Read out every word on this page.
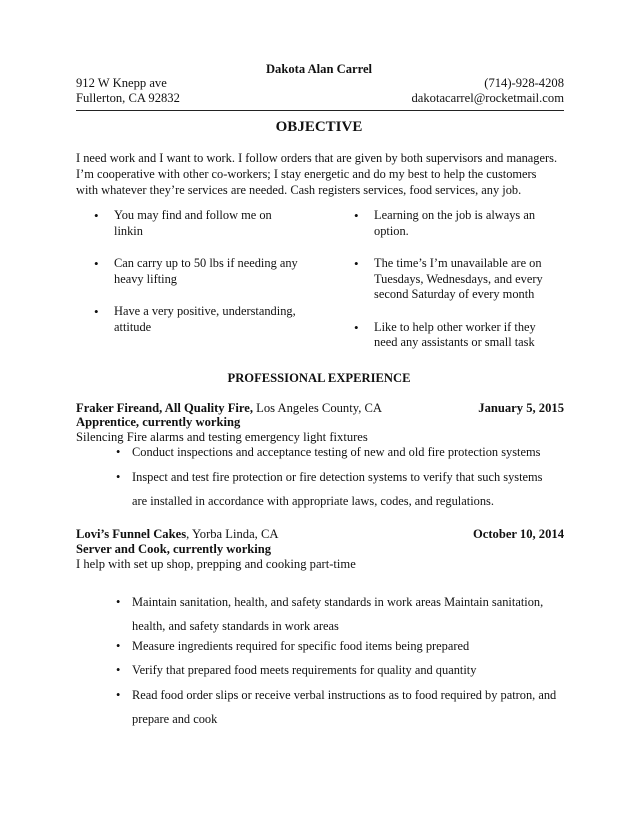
Dakota Alan Carrel
912 W Knepp ave
Fullerton, CA 92832
(714)-928-4208
dakotacarrel@rocketmail.com
OBJECTIVE
I need work and I want to work. I follow orders that are given by both supervisors and managers.
I’m cooperative with other co-workers; I stay energetic and do my best to help the customers
with whatever they’re services are needed. Cash registers services, food services, any job.
• You may find and follow me on
linkin
• Can carry up to 50 lbs if needing any
heavy lifting
• Have a very positive, understanding,
attitude
• Learning on the job is always an
option.
• The time’s I’m unavailable are on
Tuesdays, Wednesdays, and every
second Saturday of every month
• Like to help other worker if they
need any assistants or small task
PROFESSIONAL EXPERIENCE
Fraker Fireand, All Quality Fire, Los Angeles County, CA	January 5, 2015
Apprentice, currently working
Silencing Fire alarms and testing emergency light fixtures
• Conduct inspections and acceptance testing of new and old fire protection systems
• Inspect and test fire protection or fire detection systems to verify that such systems
are installed in accordance with appropriate laws, codes, and regulations.
Lovi’s Funnel Cakes, Yorba Linda, CA	October 10, 2014
Server and Cook, currently working
I help with set up shop, prepping and cooking part-time
• Maintain sanitation, health, and safety standards in work areas Maintain sanitation,
health, and safety standards in work areas
• Measure ingredients required for specific food items being prepared
• Verify that prepared food meets requirements for quality and quantity
• Read food order slips or receive verbal instructions as to food required by patron, and
prepare and cook
